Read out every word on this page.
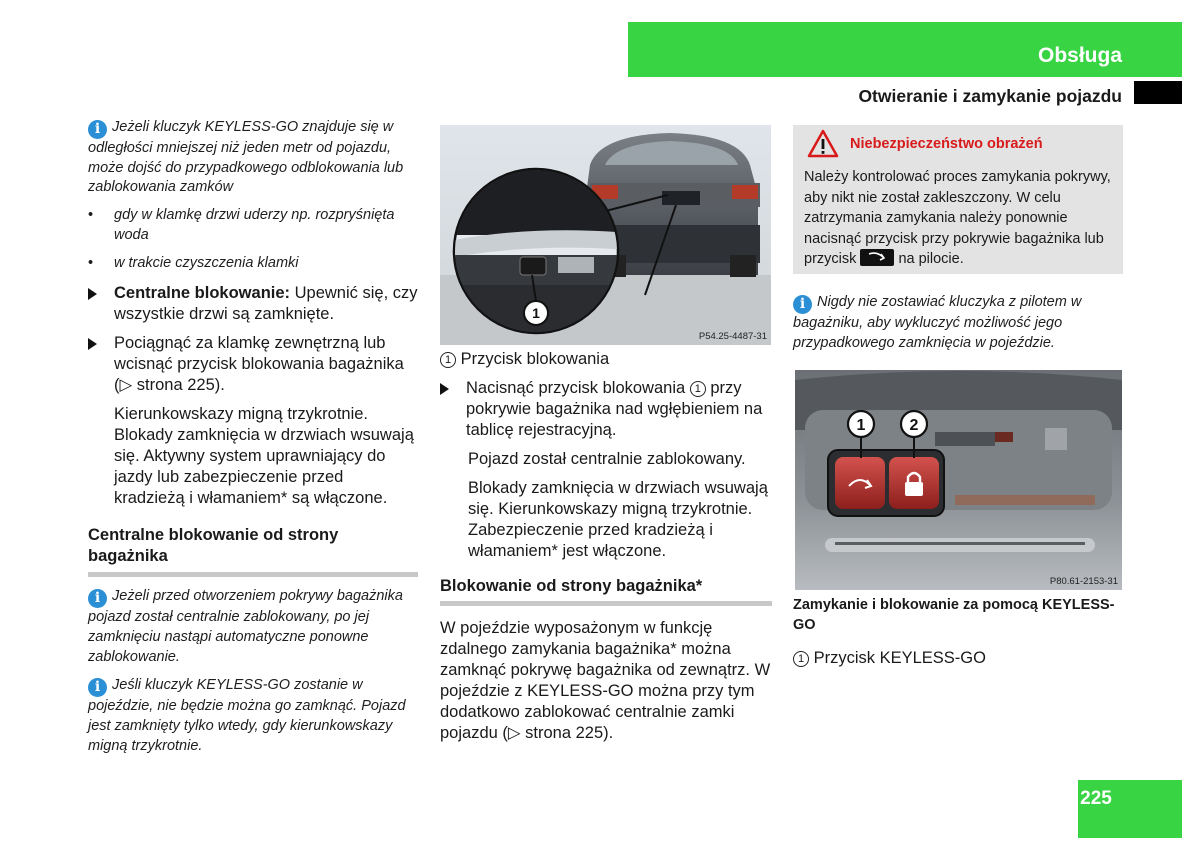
Obsługa
Otwieranie i zamykanie pojazdu
i Jeżeli kluczyk KEYLESS-GO znajduje się w odległości mniejszej niż jeden metr od pojazdu, może dojść do przypadkowego odblokowania lub zablokowania zamków
•	gdy w klamkę drzwi uderzy np. rozpryśnięta woda
•	w trakcie czyszczenia klamki
Centralne blokowanie: Upewnić się, czy wszystkie drzwi są zamknięte.
Pociągnąć za klamkę zewnętrzną lub wcisnąć przycisk blokowania bagażnika (▷ strona 225).
Kierunkowskazy migną trzykrotnie. Blokady zamknięcia w drzwiach wsuwają się. Aktywny system uprawniający do jazdy lub zabezpieczenie przed kradzieżą i włamaniem* są włączone.
Centralne blokowanie od strony bagażnika
i Jeżeli przed otworzeniem pokrywy bagażnika pojazd został centralnie zablokowany, po jej zamknięciu nastąpi automatyczne ponowne zablokowanie.
i Jeśli kluczyk KEYLESS-GO zostanie w pojeździe, nie będzie można go zamknąć. Pojazd jest zamknięty tylko wtedy, gdy kierunkowskazy migną trzykrotnie.
1
P54.25-4487-31
1 Przycisk blokowania
Nacisnąć przycisk blokowania 1 przy pokrywie bagażnika nad wgłębieniem na tablicę rejestracyjną.
Pojazd został centralnie zablokowany.
Blokady zamknięcia w drzwiach wsuwają się. Kierunkowskazy migną trzykrotnie. Zabezpieczenie przed kradzieżą i włamaniem* jest włączone.
Blokowanie od strony bagażnika*
W pojeździe wyposażonym w funkcję zdalnego zamykania bagażnika* można zamknąć pokrywę bagażnika od zewnątrz. W pojeździe z KEYLESS-GO można przy tym dodatkowo zablokować centralnie zamki pojazdu (▷ strona 225).
Niebezpieczeństwo obrażeń
Należy kontrolować proces zamykania pokrywy, aby nikt nie został zakleszczony. W celu zatrzymania zamykania należy ponownie nacisnąć przycisk przy pokrywie bagażnika lub przycisk	na pilocie.
i Nigdy nie zostawiać kluczyka z pilotem w bagażniku, aby wykluczyć możliwość jego przypadkowego zamknięcia w pojeździe.
1	2
P80.61-2153-31
Zamykanie i blokowanie za pomocą KEYLESS-GO
1 Przycisk KEYLESS-GO
225
